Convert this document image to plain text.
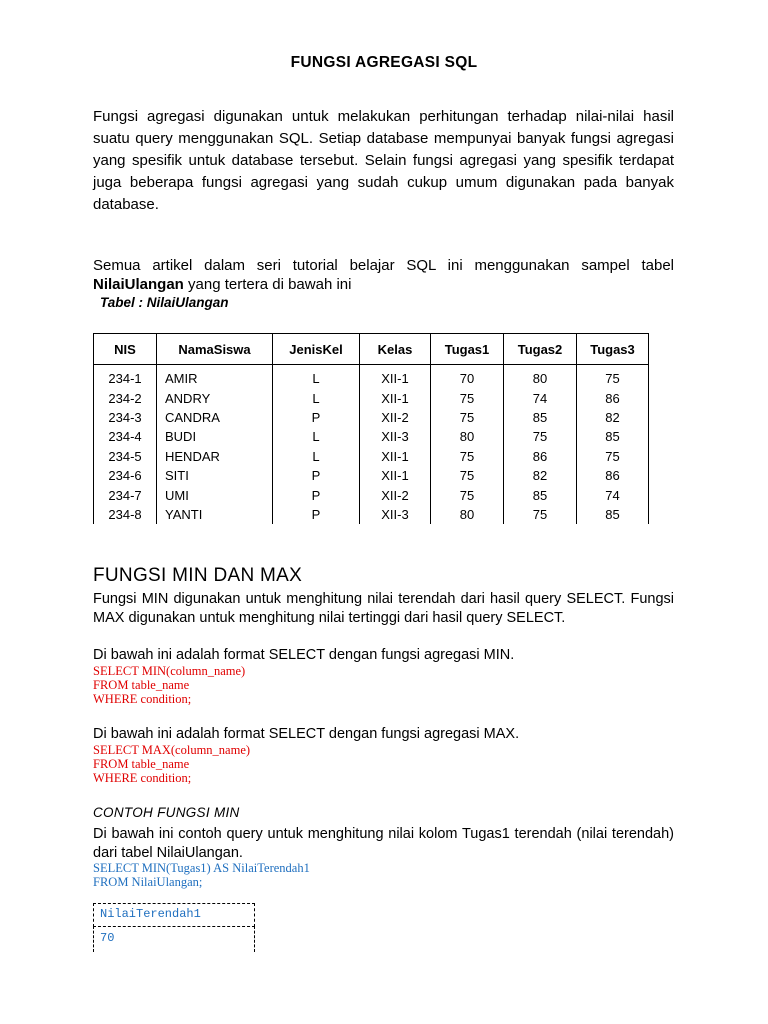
FUNGSI AGREGASI SQL
Fungsi agregasi digunakan untuk melakukan perhitungan terhadap nilai-nilai hasil suatu query menggunakan SQL. Setiap database mempunyai banyak fungsi agregasi yang spesifik untuk database tersebut. Selain fungsi agregasi yang spesifik terdapat juga beberapa fungsi agregasi yang sudah cukup umum digunakan pada banyak database.
Semua artikel dalam seri tutorial belajar SQL ini menggunakan sampel tabel NilaiUlangan yang tertera di bawah ini
Tabel : NilaiUlangan
NIS	NamaSiswa	JenisKel	Kelas	Tugas1	Tugas2	Tugas3
234-1	AMIR	L	XII-1	70	80	75
234-2	ANDRY	L	XII-1	75	74	86
234-3	CANDRA	P	XII-2	75	85	82
234-4	BUDI	L	XII-3	80	75	85
234-5	HENDAR	L	XII-1	75	86	75
234-6	SITI	P	XII-1	75	82	86
234-7	UMI	P	XII-2	75	85	74
234-8	YANTI	P	XII-3	80	75	85
FUNGSI MIN DAN MAX
Fungsi MIN digunakan untuk menghitung nilai terendah dari hasil query SELECT. Fungsi MAX digunakan untuk menghitung nilai tertinggi dari hasil query SELECT.
Di bawah ini adalah format SELECT dengan fungsi agregasi MIN.
SELECT MIN(column_name)
FROM table_name
WHERE condition;
Di bawah ini adalah format SELECT dengan fungsi agregasi MAX.
SELECT MAX(column_name)
FROM table_name
WHERE condition;
CONTOH FUNGSI MIN
Di bawah ini contoh query untuk menghitung nilai kolom Tugas1 terendah (nilai terendah) dari tabel NilaiUlangan.
SELECT MIN(Tugas1) AS NilaiTerendah1
FROM NilaiUlangan;
NilaiTerendah1
70
